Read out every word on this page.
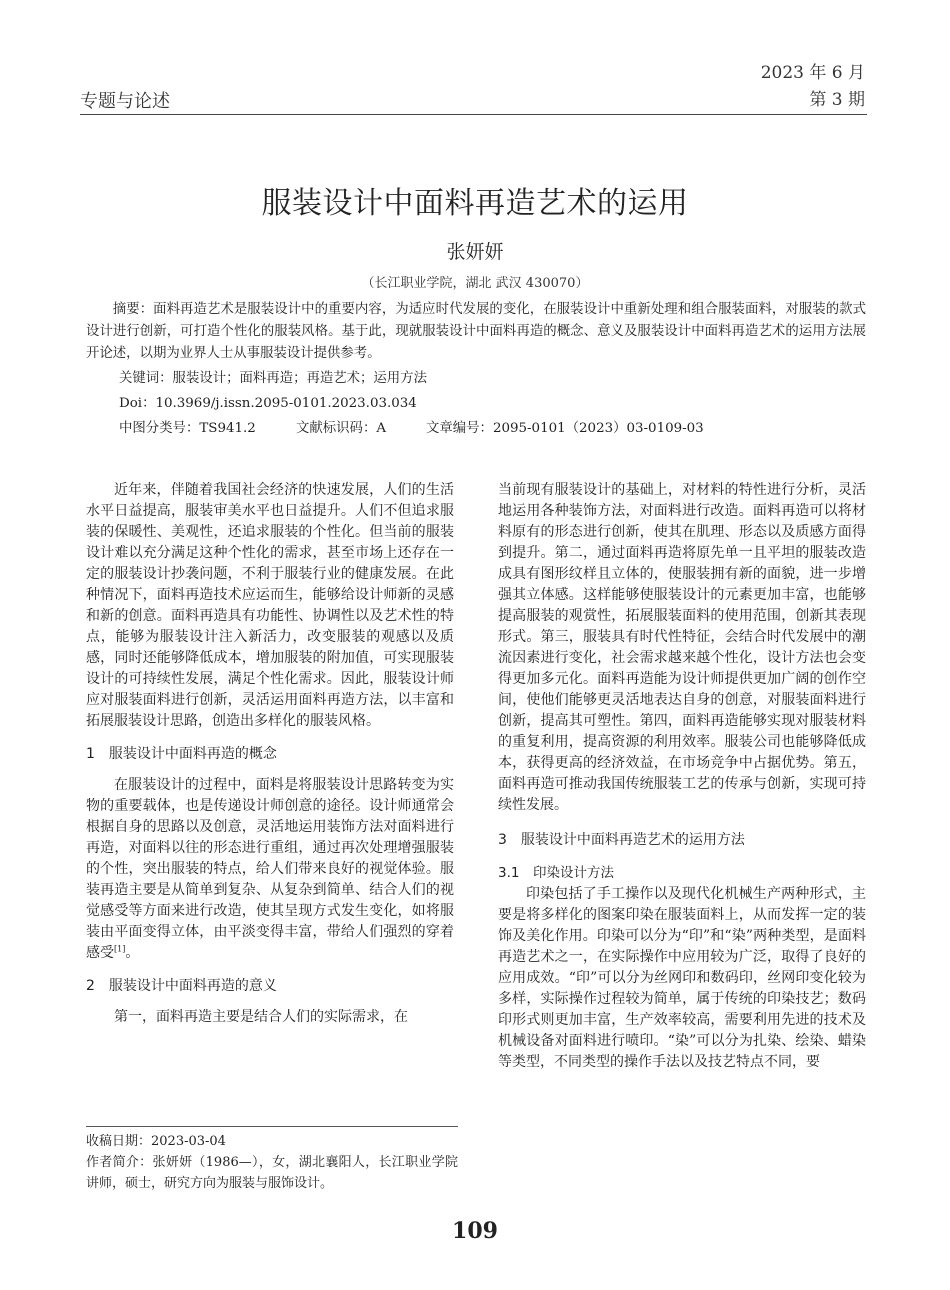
专题与论述
2023 年 6 月
第 3 期
服装设计中面料再造艺术的运用
张妍妍
（长江职业学院，湖北 武汉 430070）

摘要：面料再造艺术是服装设计中的重要内容，为适应时代发展的变化，在服装设计中重新处理和组合服装面料，对服装的款式设计进行创新，可打造个性化的服装风格。基于此，现就服装设计中面料再造的概念、意义及服装设计中面料再造艺术的运用方法展开论述，以期为业界人士从事服装设计提供参考。

关键词：服装设计；面料再造；再造艺术；运用方法
Doi：10.3969/j.issn.2095-0101.2023.03.034
中图分类号：TS941.2	文献标识码：A	文章编号：2095-0101（2023）03-0109-03

近年来，伴随着我国社会经济的快速发展，人们的生活水平日益提高，服装审美水平也日益提升。人们不但追求服装的保暖性、美观性，还追求服装的个性化。但当前的服装设计难以充分满足这种个性化的需求，甚至市场上还存在一定的服装设计抄袭问题，不利于服装行业的健康发展。在此种情况下，面料再造技术应运而生，能够给设计师新的灵感和新的创意。面料再造具有功能性、协调性以及艺术性的特点，能够为服装设计注入新活力，改变服装的观感以及质感，同时还能够降低成本，增加服装的附加值，可实现服装设计的可持续性发展，满足个性化需求。因此，服装设计师应对服装面料进行创新，灵活运用面料再造方法，以丰富和拓展服装设计思路，创造出多样化的服装风格。

1　服装设计中面料再造的概念

在服装设计的过程中，面料是将服装设计思路转变为实物的重要载体，也是传递设计师创意的途径。设计师通常会根据自身的思路以及创意，灵活地运用装饰方法对面料进行再造，对面料以往的形态进行重组，通过再次处理增强服装的个性，突出服装的特点，给人们带来良好的视觉体验。服装再造主要是从简单到复杂、从复杂到简单、结合人们的视觉感受等方面来进行改造，使其呈现方式发生变化，如将服装由平面变得立体，由平淡变得丰富，带给人们强烈的穿着感受[1]。

2　服装设计中面料再造的意义

第一，面料再造主要是结合人们的实际需求，在

当前现有服装设计的基础上，对材料的特性进行分析，灵活地运用各种装饰方法，对面料进行改造。面料再造可以将材料原有的形态进行创新，使其在肌理、形态以及质感方面得到提升。第二，通过面料再造将原先单一且平坦的服装改造成具有图形纹样且立体的，使服装拥有新的面貌，进一步增强其立体感。这样能够使服装设计的元素更加丰富，也能够提高服装的观赏性，拓展服装面料的使用范围，创新其表现形式。第三，服装具有时代性特征，会结合时代发展中的潮流因素进行变化，社会需求越来越个性化，设计方法也会变得更加多元化。面料再造能为设计师提供更加广阔的创作空间，使他们能够更灵活地表达自身的创意，对服装面料进行创新，提高其可塑性。第四，面料再造能够实现对服装材料的重复利用，提高资源的利用效率。服装公司也能够降低成本，获得更高的经济效益，在市场竞争中占据优势。第五，面料再造可推动我国传统服装工艺的传承与创新，实现可持续性发展。

3　服装设计中面料再造艺术的运用方法
3.1　印染设计方法

印染包括了手工操作以及现代化机械生产两种形式，主要是将多样化的图案印染在服装面料上，从而发挥一定的装饰及美化作用。印染可以分为“印”和“染”两种类型，是面料再造艺术之一，在实际操作中应用较为广泛，取得了良好的应用成效。“印”可以分为丝网印和数码印，丝网印变化较为多样，实际操作过程较为简单，属于传统的印染技艺；数码印形式则更加丰富，生产效率较高，需要利用先进的技术及机械设备对面料进行喷印。“染”可以分为扎染、绘染、蜡染等类型，不同类型的操作手法以及技艺特点不同，要

收稿日期：2023-03-04

作者简介：张妍妍（1986—），女，湖北襄阳人，长江职业学院讲师，硕士，研究方向为服装与服饰设计。

109
